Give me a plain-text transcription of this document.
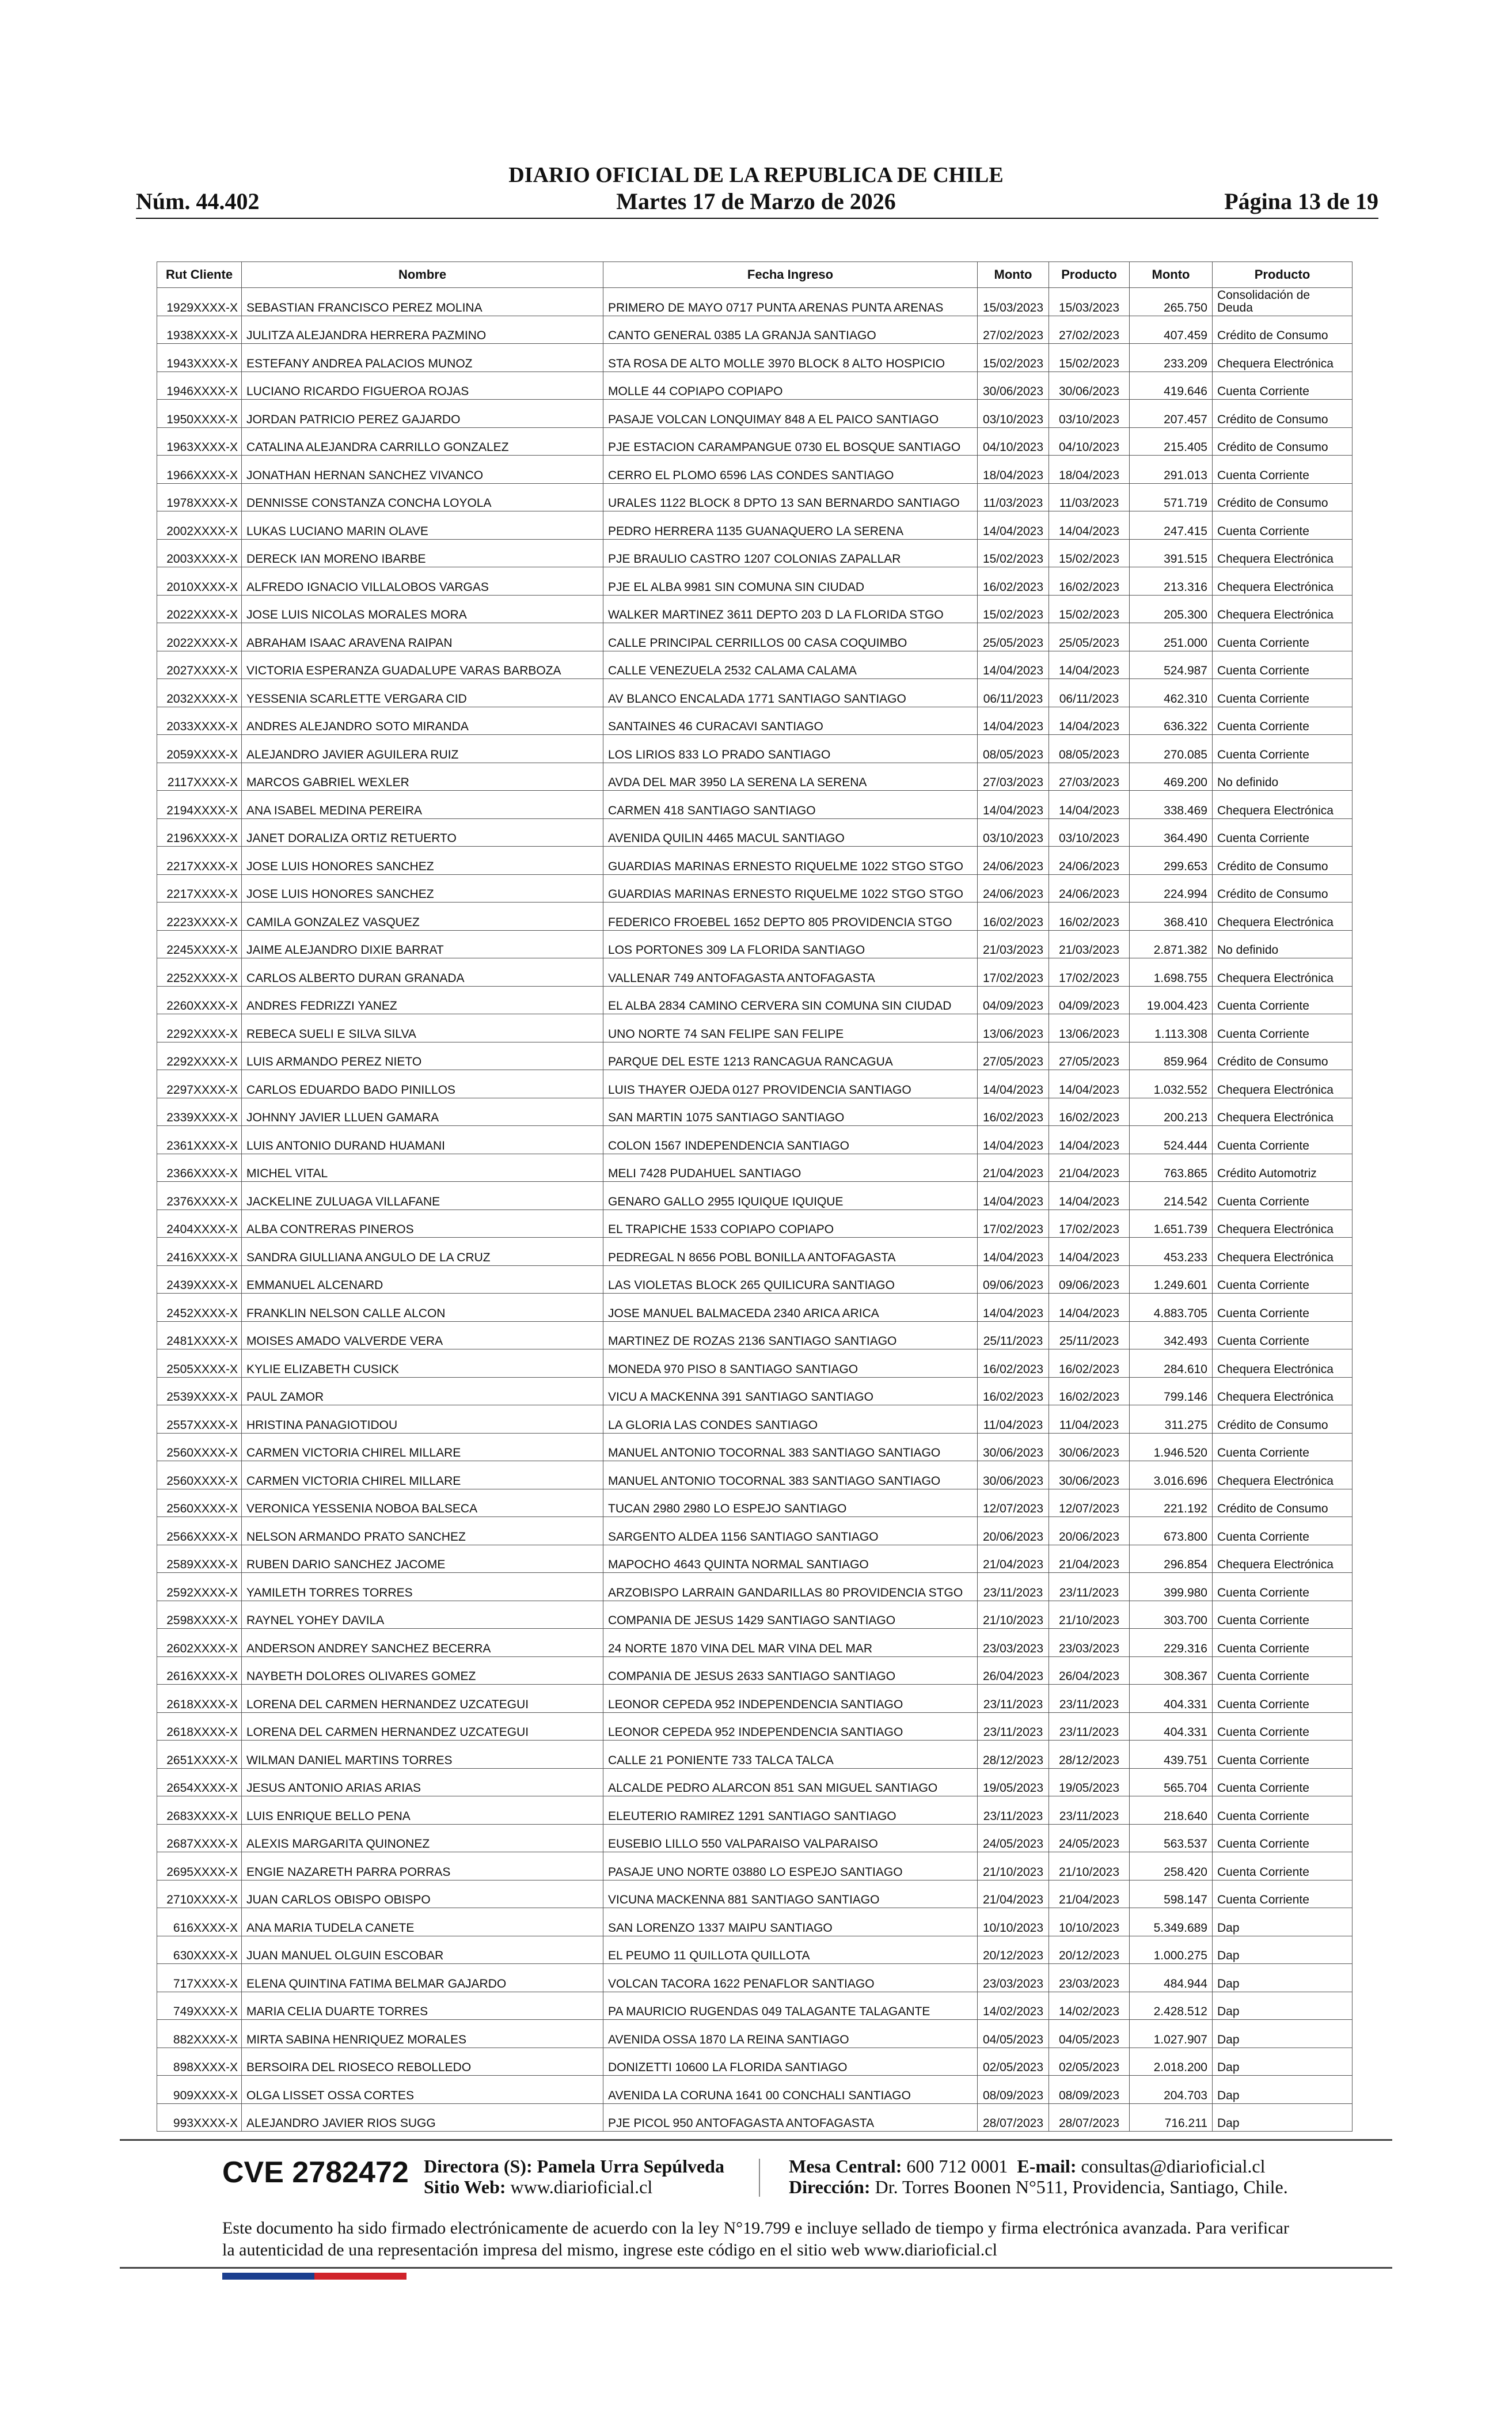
DIARIO OFICIAL DE LA REPUBLICA DE CHILE
Núm. 44.402	Martes 17 de Marzo de 2026	Página 13 de 19
Rut Cliente	Nombre	Fecha Ingreso	Monto	Producto	Monto	Producto
1929XXXX-X	SEBASTIAN FRANCISCO PEREZ MOLINA	PRIMERO DE MAYO 0717 PUNTA ARENAS PUNTA ARENAS	15/03/2023	15/03/2023	265.750	Consolidación de Deuda
1938XXXX-X	JULITZA ALEJANDRA HERRERA PAZMINO	CANTO GENERAL 0385 LA GRANJA SANTIAGO	27/02/2023	27/02/2023	407.459	Crédito de Consumo
1943XXXX-X	ESTEFANY ANDREA PALACIOS MUNOZ	STA ROSA DE ALTO MOLLE 3970 BLOCK 8 ALTO HOSPICIO	15/02/2023	15/02/2023	233.209	Chequera Electrónica
1946XXXX-X	LUCIANO RICARDO FIGUEROA ROJAS	MOLLE 44 COPIAPO COPIAPO	30/06/2023	30/06/2023	419.646	Cuenta Corriente
1950XXXX-X	JORDAN PATRICIO PEREZ GAJARDO	PASAJE VOLCAN LONQUIMAY 848 A EL PAICO SANTIAGO	03/10/2023	03/10/2023	207.457	Crédito de Consumo
1963XXXX-X	CATALINA ALEJANDRA CARRILLO GONZALEZ	PJE ESTACION CARAMPANGUE 0730 EL BOSQUE SANTIAGO	04/10/2023	04/10/2023	215.405	Crédito de Consumo
1966XXXX-X	JONATHAN HERNAN SANCHEZ VIVANCO	CERRO EL PLOMO 6596 LAS CONDES SANTIAGO	18/04/2023	18/04/2023	291.013	Cuenta Corriente
1978XXXX-X	DENNISSE CONSTANZA CONCHA LOYOLA	URALES 1122 BLOCK 8 DPTO 13 SAN BERNARDO SANTIAGO	11/03/2023	11/03/2023	571.719	Crédito de Consumo
2002XXXX-X	LUKAS LUCIANO MARIN OLAVE	PEDRO HERRERA 1135 GUANAQUERO LA SERENA	14/04/2023	14/04/2023	247.415	Cuenta Corriente
2003XXXX-X	DERECK IAN MORENO IBARBE	PJE BRAULIO CASTRO 1207 COLONIAS ZAPALLAR	15/02/2023	15/02/2023	391.515	Chequera Electrónica
2010XXXX-X	ALFREDO IGNACIO VILLALOBOS VARGAS	PJE EL ALBA 9981 SIN COMUNA SIN CIUDAD	16/02/2023	16/02/2023	213.316	Chequera Electrónica
2022XXXX-X	JOSE LUIS NICOLAS MORALES MORA	WALKER MARTINEZ 3611 DEPTO 203 D LA FLORIDA STGO	15/02/2023	15/02/2023	205.300	Chequera Electrónica
2022XXXX-X	ABRAHAM ISAAC ARAVENA RAIPAN	CALLE PRINCIPAL CERRILLOS 00 CASA COQUIMBO	25/05/2023	25/05/2023	251.000	Cuenta Corriente
2027XXXX-X	VICTORIA ESPERANZA GUADALUPE VARAS BARBOZA	CALLE VENEZUELA 2532 CALAMA CALAMA	14/04/2023	14/04/2023	524.987	Cuenta Corriente
2032XXXX-X	YESSENIA SCARLETTE VERGARA CID	AV BLANCO ENCALADA 1771 SANTIAGO SANTIAGO	06/11/2023	06/11/2023	462.310	Cuenta Corriente
2033XXXX-X	ANDRES ALEJANDRO SOTO MIRANDA	SANTAINES 46 CURACAVI SANTIAGO	14/04/2023	14/04/2023	636.322	Cuenta Corriente
2059XXXX-X	ALEJANDRO JAVIER AGUILERA RUIZ	LOS LIRIOS 833 LO PRADO SANTIAGO	08/05/2023	08/05/2023	270.085	Cuenta Corriente
2117XXXX-X	MARCOS GABRIEL WEXLER	AVDA DEL MAR 3950 LA SERENA LA SERENA	27/03/2023	27/03/2023	469.200	No definido
2194XXXX-X	ANA ISABEL MEDINA PEREIRA	CARMEN 418 SANTIAGO SANTIAGO	14/04/2023	14/04/2023	338.469	Chequera Electrónica
2196XXXX-X	JANET DORALIZA ORTIZ RETUERTO	AVENIDA QUILIN 4465 MACUL SANTIAGO	03/10/2023	03/10/2023	364.490	Cuenta Corriente
2217XXXX-X	JOSE LUIS HONORES SANCHEZ	GUARDIAS MARINAS ERNESTO RIQUELME 1022 STGO STGO	24/06/2023	24/06/2023	299.653	Crédito de Consumo
2217XXXX-X	JOSE LUIS HONORES SANCHEZ	GUARDIAS MARINAS ERNESTO RIQUELME 1022 STGO STGO	24/06/2023	24/06/2023	224.994	Crédito de Consumo
2223XXXX-X	CAMILA GONZALEZ VASQUEZ	FEDERICO FROEBEL 1652 DEPTO 805 PROVIDENCIA STGO	16/02/2023	16/02/2023	368.410	Chequera Electrónica
2245XXXX-X	JAIME ALEJANDRO DIXIE BARRAT	LOS PORTONES 309 LA FLORIDA SANTIAGO	21/03/2023	21/03/2023	2.871.382	No definido
2252XXXX-X	CARLOS ALBERTO DURAN GRANADA	VALLENAR 749 ANTOFAGASTA ANTOFAGASTA	17/02/2023	17/02/2023	1.698.755	Chequera Electrónica
2260XXXX-X	ANDRES FEDRIZZI YANEZ	EL ALBA 2834 CAMINO CERVERA SIN COMUNA SIN CIUDAD	04/09/2023	04/09/2023	19.004.423	Cuenta Corriente
2292XXXX-X	REBECA SUELI E SILVA SILVA	UNO NORTE 74 SAN FELIPE SAN FELIPE	13/06/2023	13/06/2023	1.113.308	Cuenta Corriente
2292XXXX-X	LUIS ARMANDO PEREZ NIETO	PARQUE DEL ESTE 1213 RANCAGUA RANCAGUA	27/05/2023	27/05/2023	859.964	Crédito de Consumo
2297XXXX-X	CARLOS EDUARDO BADO PINILLOS	LUIS THAYER OJEDA 0127 PROVIDENCIA SANTIAGO	14/04/2023	14/04/2023	1.032.552	Chequera Electrónica
2339XXXX-X	JOHNNY JAVIER LLUEN GAMARA	SAN MARTIN 1075 SANTIAGO SANTIAGO	16/02/2023	16/02/2023	200.213	Chequera Electrónica
2361XXXX-X	LUIS ANTONIO DURAND HUAMANI	COLON 1567 INDEPENDENCIA SANTIAGO	14/04/2023	14/04/2023	524.444	Cuenta Corriente
2366XXXX-X	MICHEL VITAL	MELI 7428 PUDAHUEL SANTIAGO	21/04/2023	21/04/2023	763.865	Crédito Automotriz
2376XXXX-X	JACKELINE ZULUAGA VILLAFANE	GENARO GALLO 2955 IQUIQUE IQUIQUE	14/04/2023	14/04/2023	214.542	Cuenta Corriente
2404XXXX-X	ALBA CONTRERAS PINEROS	EL TRAPICHE 1533 COPIAPO COPIAPO	17/02/2023	17/02/2023	1.651.739	Chequera Electrónica
2416XXXX-X	SANDRA GIULLIANA ANGULO DE LA CRUZ	PEDREGAL N 8656 POBL BONILLA ANTOFAGASTA	14/04/2023	14/04/2023	453.233	Chequera Electrónica
2439XXXX-X	EMMANUEL ALCENARD	LAS VIOLETAS BLOCK 265 QUILICURA SANTIAGO	09/06/2023	09/06/2023	1.249.601	Cuenta Corriente
2452XXXX-X	FRANKLIN NELSON CALLE ALCON	JOSE MANUEL BALMACEDA 2340 ARICA ARICA	14/04/2023	14/04/2023	4.883.705	Cuenta Corriente
2481XXXX-X	MOISES AMADO VALVERDE VERA	MARTINEZ DE ROZAS 2136 SANTIAGO SANTIAGO	25/11/2023	25/11/2023	342.493	Cuenta Corriente
2505XXXX-X	KYLIE ELIZABETH CUSICK	MONEDA 970 PISO 8 SANTIAGO SANTIAGO	16/02/2023	16/02/2023	284.610	Chequera Electrónica
2539XXXX-X	PAUL ZAMOR	VICU A MACKENNA 391 SANTIAGO SANTIAGO	16/02/2023	16/02/2023	799.146	Chequera Electrónica
2557XXXX-X	HRISTINA PANAGIOTIDOU	LA GLORIA LAS CONDES SANTIAGO	11/04/2023	11/04/2023	311.275	Crédito de Consumo
2560XXXX-X	CARMEN VICTORIA CHIREL MILLARE	MANUEL ANTONIO TOCORNAL 383 SANTIAGO SANTIAGO	30/06/2023	30/06/2023	1.946.520	Cuenta Corriente
2560XXXX-X	CARMEN VICTORIA CHIREL MILLARE	MANUEL ANTONIO TOCORNAL 383 SANTIAGO SANTIAGO	30/06/2023	30/06/2023	3.016.696	Chequera Electrónica
2560XXXX-X	VERONICA YESSENIA NOBOA BALSECA	TUCAN 2980 2980 LO ESPEJO SANTIAGO	12/07/2023	12/07/2023	221.192	Crédito de Consumo
2566XXXX-X	NELSON ARMANDO PRATO SANCHEZ	SARGENTO ALDEA 1156 SANTIAGO SANTIAGO	20/06/2023	20/06/2023	673.800	Cuenta Corriente
2589XXXX-X	RUBEN DARIO SANCHEZ JACOME	MAPOCHO 4643 QUINTA NORMAL SANTIAGO	21/04/2023	21/04/2023	296.854	Chequera Electrónica
2592XXXX-X	YAMILETH TORRES TORRES	ARZOBISPO LARRAIN GANDARILLAS 80 PROVIDENCIA STGO	23/11/2023	23/11/2023	399.980	Cuenta Corriente
2598XXXX-X	RAYNEL YOHEY DAVILA	COMPANIA DE JESUS 1429 SANTIAGO SANTIAGO	21/10/2023	21/10/2023	303.700	Cuenta Corriente
2602XXXX-X	ANDERSON ANDREY SANCHEZ BECERRA	24 NORTE 1870 VINA DEL MAR VINA DEL MAR	23/03/2023	23/03/2023	229.316	Cuenta Corriente
2616XXXX-X	NAYBETH DOLORES OLIVARES GOMEZ	COMPANIA DE JESUS 2633 SANTIAGO SANTIAGO	26/04/2023	26/04/2023	308.367	Cuenta Corriente
2618XXXX-X	LORENA DEL CARMEN HERNANDEZ UZCATEGUI	LEONOR CEPEDA 952 INDEPENDENCIA SANTIAGO	23/11/2023	23/11/2023	404.331	Cuenta Corriente
2618XXXX-X	LORENA DEL CARMEN HERNANDEZ UZCATEGUI	LEONOR CEPEDA 952 INDEPENDENCIA SANTIAGO	23/11/2023	23/11/2023	404.331	Cuenta Corriente
2651XXXX-X	WILMAN DANIEL MARTINS TORRES	CALLE 21 PONIENTE 733 TALCA TALCA	28/12/2023	28/12/2023	439.751	Cuenta Corriente
2654XXXX-X	JESUS ANTONIO ARIAS ARIAS	ALCALDE PEDRO ALARCON 851 SAN MIGUEL SANTIAGO	19/05/2023	19/05/2023	565.704	Cuenta Corriente
2683XXXX-X	LUIS ENRIQUE BELLO PENA	ELEUTERIO RAMIREZ 1291 SANTIAGO SANTIAGO	23/11/2023	23/11/2023	218.640	Cuenta Corriente
2687XXXX-X	ALEXIS MARGARITA QUINONEZ	EUSEBIO LILLO 550 VALPARAISO VALPARAISO	24/05/2023	24/05/2023	563.537	Cuenta Corriente
2695XXXX-X	ENGIE NAZARETH PARRA PORRAS	PASAJE UNO NORTE 03880 LO ESPEJO SANTIAGO	21/10/2023	21/10/2023	258.420	Cuenta Corriente
2710XXXX-X	JUAN CARLOS OBISPO OBISPO	VICUNA MACKENNA 881 SANTIAGO SANTIAGO	21/04/2023	21/04/2023	598.147	Cuenta Corriente
616XXXX-X	ANA MARIA TUDELA CANETE	SAN LORENZO 1337 MAIPU SANTIAGO	10/10/2023	10/10/2023	5.349.689	Dap
630XXXX-X	JUAN MANUEL OLGUIN ESCOBAR	EL PEUMO 11 QUILLOTA QUILLOTA	20/12/2023	20/12/2023	1.000.275	Dap
717XXXX-X	ELENA QUINTINA FATIMA BELMAR GAJARDO	VOLCAN TACORA 1622 PENAFLOR SANTIAGO	23/03/2023	23/03/2023	484.944	Dap
749XXXX-X	MARIA CELIA DUARTE TORRES	PA MAURICIO RUGENDAS 049 TALAGANTE TALAGANTE	14/02/2023	14/02/2023	2.428.512	Dap
882XXXX-X	MIRTA SABINA HENRIQUEZ MORALES	AVENIDA OSSA 1870 LA REINA SANTIAGO	04/05/2023	04/05/2023	1.027.907	Dap
898XXXX-X	BERSOIRA DEL RIOSECO REBOLLEDO	DONIZETTI 10600 LA FLORIDA SANTIAGO	02/05/2023	02/05/2023	2.018.200	Dap
909XXXX-X	OLGA LISSET OSSA CORTES	AVENIDA LA CORUNA 1641 00 CONCHALI SANTIAGO	08/09/2023	08/09/2023	204.703	Dap
993XXXX-X	ALEJANDRO JAVIER RIOS SUGG	PJE PICOL 950 ANTOFAGASTA ANTOFAGASTA	28/07/2023	28/07/2023	716.211	Dap
CVE 2782472 Directora (S): Pamela Urra Sepúlveda
Sitio Web: www.diarioficial.cl
Mesa Central: 600 712 0001 E-mail: consultas@diarioficial.cl
Dirección: Dr. Torres Boonen N°511, Providencia, Santiago, Chile.
Este documento ha sido firmado electrónicamente de acuerdo con la ley N°19.799 e incluye sellado de tiempo y firma electrónica avanzada. Para verificar la autenticidad de una representación impresa del mismo, ingrese este código en el sitio web www.diarioficial.cl
